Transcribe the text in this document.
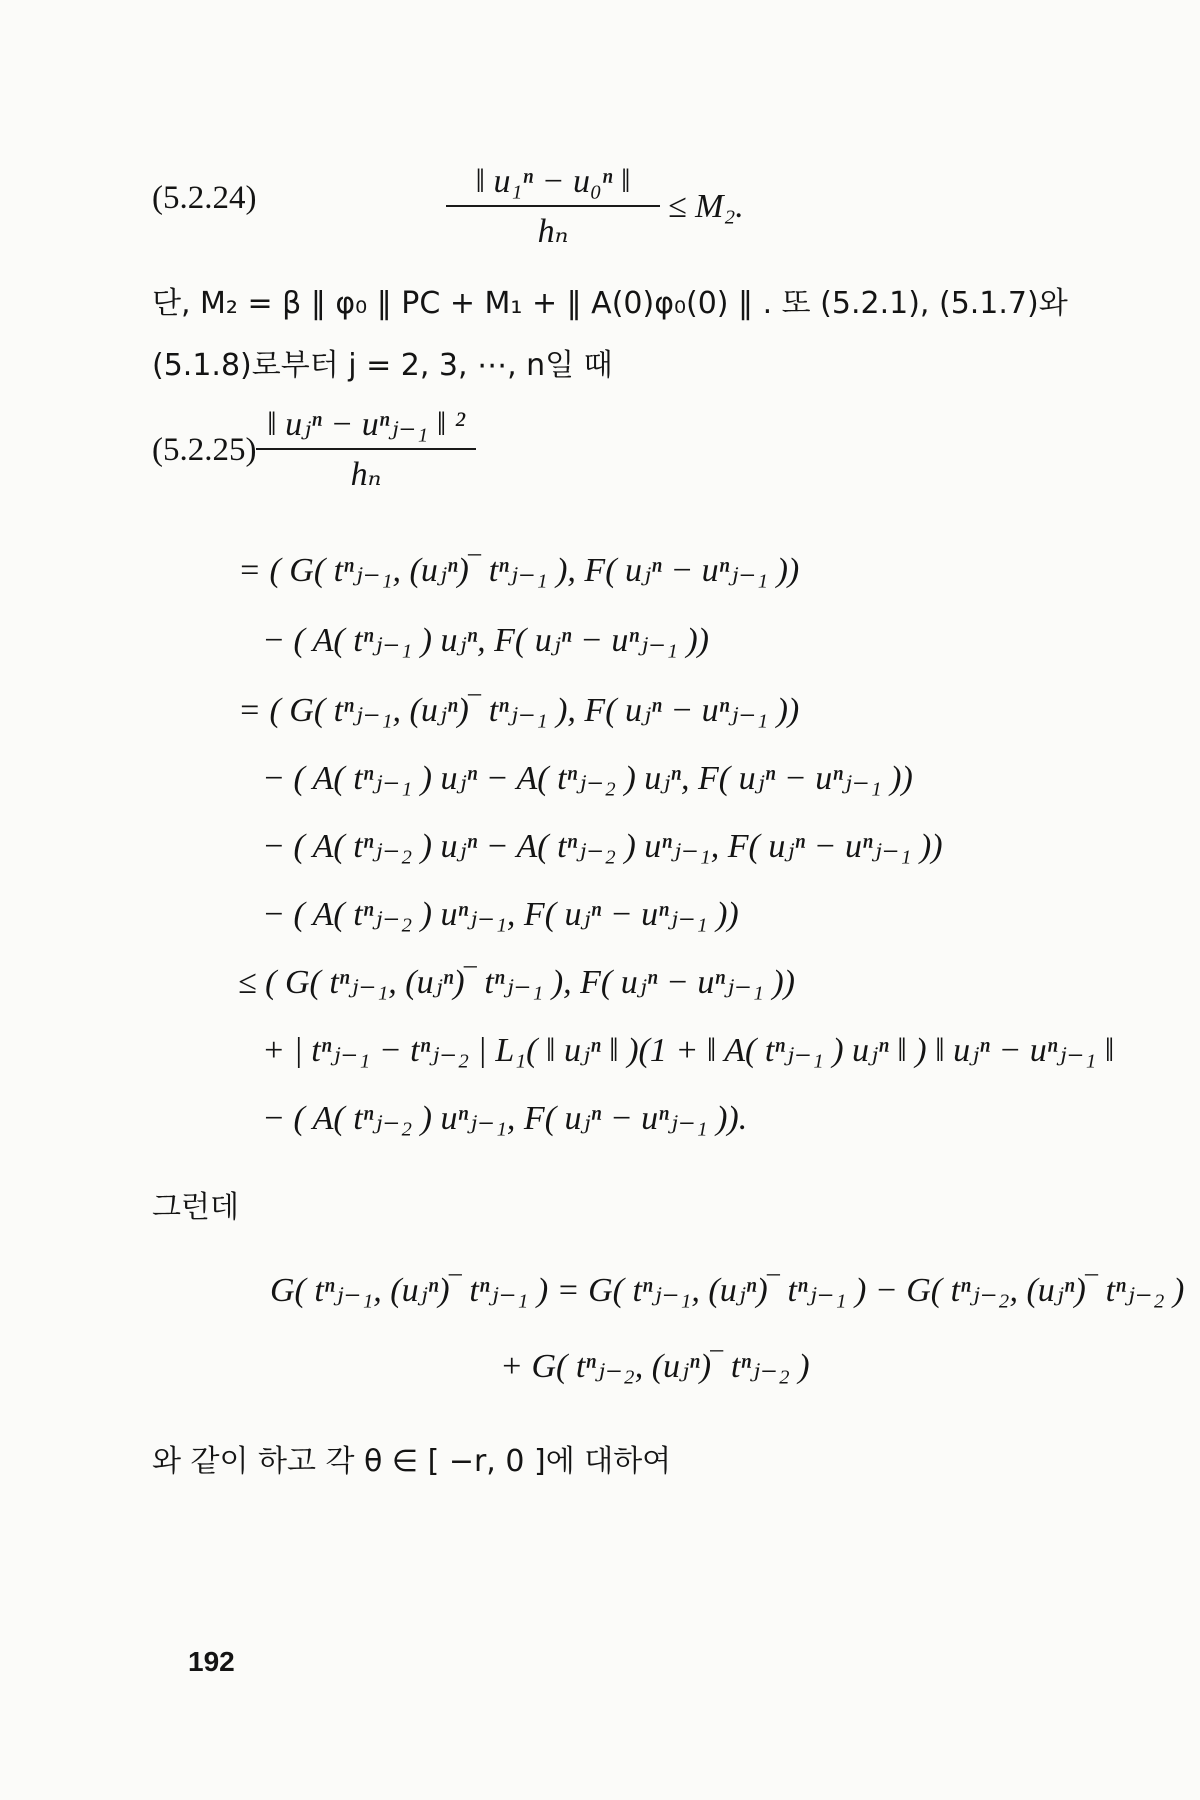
(5.2.24)	‖ u₁ⁿ − u₀ⁿ ‖
hₙ
≤ M₂.
단, M₂ = β ‖ φ₀ ‖ PC + M₁ + ‖ A(0)φ₀(0) ‖ . 또 (5.2.1), (5.1.7)와
(5.1.8)로부터 j = 2, 3, ⋯, n일 때
(5.2.25)
‖ uⱼⁿ − uⁿⱼ₋₁ ‖ ²
hₙ
= ( G( tⁿⱼ₋₁, (uⱼⁿ)‾ tⁿⱼ₋₁ ), F( uⱼⁿ − uⁿⱼ₋₁ ))
− ( A( tⁿⱼ₋₁ ) uⱼⁿ, F( uⱼⁿ − uⁿⱼ₋₁ ))
= ( G( tⁿⱼ₋₁, (uⱼⁿ)‾ tⁿⱼ₋₁ ), F( uⱼⁿ − uⁿⱼ₋₁ ))
− ( A( tⁿⱼ₋₁ ) uⱼⁿ − A( tⁿⱼ₋₂ ) uⱼⁿ, F( uⱼⁿ − uⁿⱼ₋₁ ))
− ( A( tⁿⱼ₋₂ ) uⱼⁿ − A( tⁿⱼ₋₂ ) uⁿⱼ₋₁, F( uⱼⁿ − uⁿⱼ₋₁ ))
− ( A( tⁿⱼ₋₂ ) uⁿⱼ₋₁, F( uⱼⁿ − uⁿⱼ₋₁ ))
≤ ( G( tⁿⱼ₋₁, (uⱼⁿ)‾ tⁿⱼ₋₁ ), F( uⱼⁿ − uⁿⱼ₋₁ ))
+ | tⁿⱼ₋₁ − tⁿⱼ₋₂ | L₁( ‖ uⱼⁿ ‖ )(1 + ‖ A( tⁿⱼ₋₁ ) uⱼⁿ ‖ ) ‖ uⱼⁿ − uⁿⱼ₋₁ ‖
− ( A( tⁿⱼ₋₂ ) uⁿⱼ₋₁, F( uⱼⁿ − uⁿⱼ₋₁ )).
그런데
G( tⁿⱼ₋₁, (uⱼⁿ)‾ tⁿⱼ₋₁ ) = G( tⁿⱼ₋₁, (uⱼⁿ)‾ tⁿⱼ₋₁ ) − G( tⁿⱼ₋₂, (uⱼⁿ)‾ tⁿⱼ₋₂ )
+ G( tⁿⱼ₋₂, (uⱼⁿ)‾ tⁿⱼ₋₂ )
와 같이 하고 각 θ ∈ [ −r, 0 ]에 대하여
192
